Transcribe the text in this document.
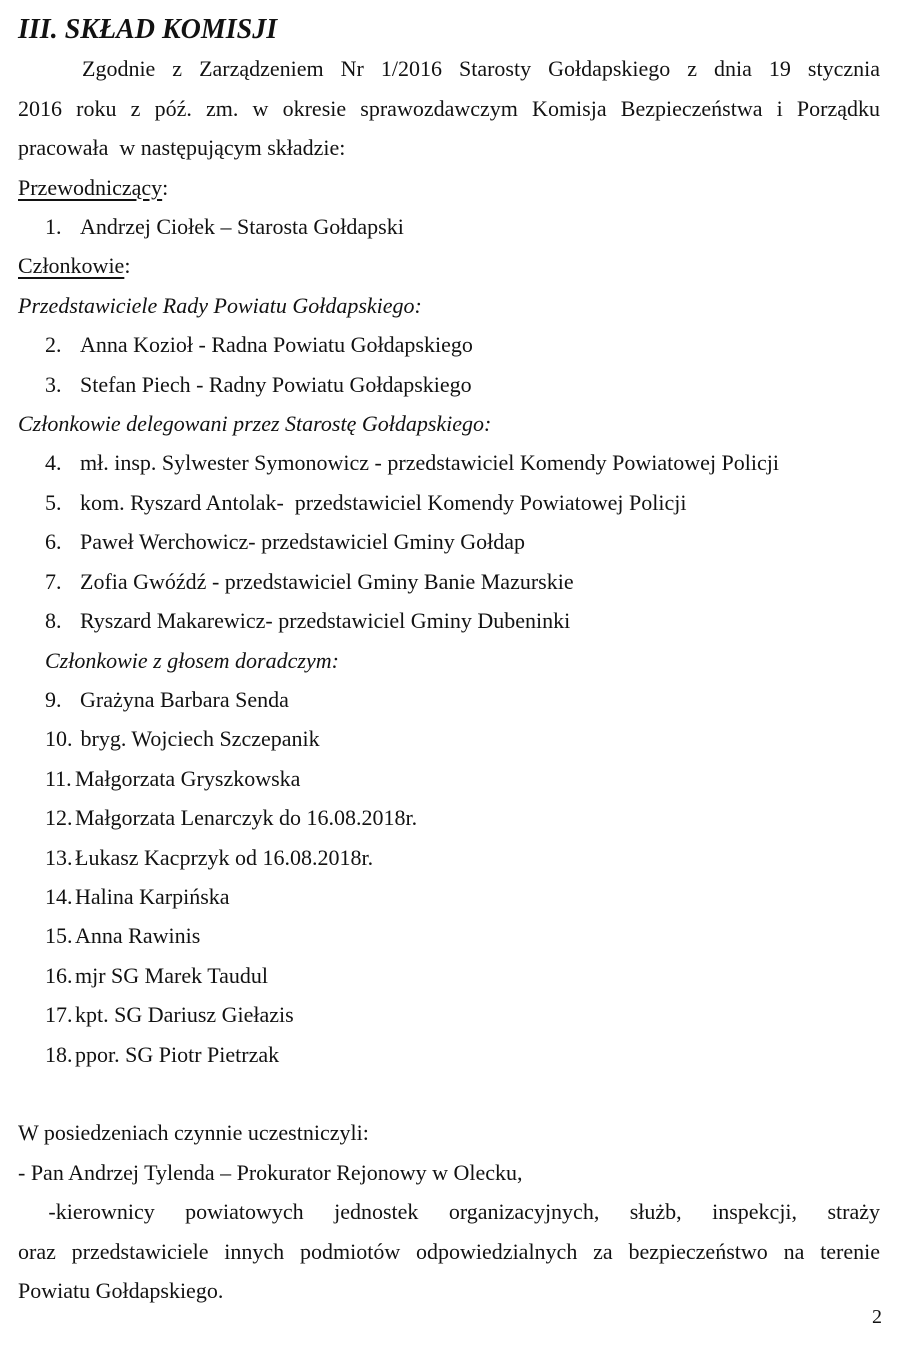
III. SKŁAD KOMISJI
Zgodnie z Zarządzeniem Nr 1/2016 Starosty Gołdapskiego z dnia 19 stycznia
2016 roku z póź. zm. w okresie sprawozdawczym Komisja Bezpieczeństwa i Porządku
pracowała  w następującym składzie:
Przewodniczący:
1. Andrzej Ciołek – Starosta Gołdapski
Członkowie:
Przedstawiciele Rady Powiatu Gołdapskiego:
2. Anna Kozioł - Radna Powiatu Gołdapskiego
3. Stefan Piech - Radny Powiatu Gołdapskiego
Członkowie delegowani przez Starostę Gołdapskiego:
4. mł. insp. Sylwester Symonowicz - przedstawiciel Komendy Powiatowej Policji
5. kom. Ryszard Antolak-  przedstawiciel Komendy Powiatowej Policji
6. Paweł Werchowicz- przedstawiciel Gminy Gołdap
7. Zofia Gwóźdź - przedstawiciel Gminy Banie Mazurskie
8. Ryszard Makarewicz- przedstawiciel Gminy Dubeninki
Członkowie z głosem doradczym:
9. Grażyna Barbara Senda
10. bryg. Wojciech Szczepanik
11. Małgorzata Gryszkowska
12. Małgorzata Lenarczyk do 16.08.2018r.
13. Łukasz Kacprzyk od 16.08.2018r.
14. Halina Karpińska
15. Anna Rawinis
16. mjr SG Marek Taudul
17. kpt. SG Dariusz Giełazis
18. ppor. SG Piotr Pietrzak
W posiedzeniach czynnie uczestniczyli:
- Pan Andrzej Tylenda – Prokurator Rejonowy w Olecku,
-kierownicy powiatowych jednostek organizacyjnych, służb, inspekcji, straży
oraz przedstawiciele innych podmiotów odpowiedzialnych za bezpieczeństwo na terenie
Powiatu Gołdapskiego.
2
